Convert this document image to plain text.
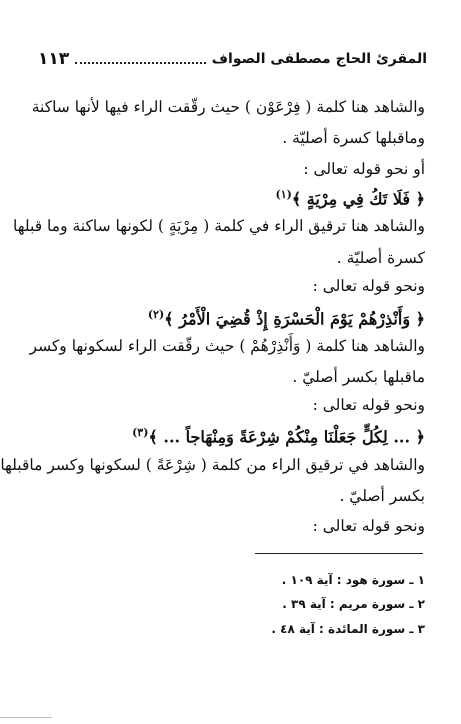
المقرئ الحاج مصطفى الصواف
١١٣
والشاهد هنا كلمة ( فِرْعَوْن ) حيث رقّقت الراء فيها لأنها ساكنة
وماقبلها كسرة أصليّة .
أو نحو قوله تعالى :
﴿ فَلَا تَكُ فِي مِرْيَةٍ ﴾$^{(١)}$
والشاهد هنا ترقيق الراء في كلمة ( مِرْيَةٍ ) لكونها ساكنة وما قبلها
كسرة أصليّة .
ونحو قوله تعالى :
﴿ وَأَنْذِرْهُمْ يَوْمَ الْحَسْرَةِ إِذْ قُضِيَ الْأَمْرُ ﴾$^{(٢)}$
والشاهد هنا كلمة ( وَأَنْذِرْهُمْ ) حيث رقّقت الراء لسكونها وكسر
ماقبلها بكسر أصليّ .
ونحو قوله تعالى :
﴿ ... لِكُلٍّ جَعَلْنَا مِنْكُمْ شِرْعَةً وَمِنْهَاجاً ... ﴾$^{(٣)}$
والشاهد في ترقيق الراء من كلمة ( شِرْعَةً ) لسكونها وكسر ماقبلها
بكسر أصليّ .
ونحو قوله تعالى :
١ ـ سورة هود : آية ١٠٩ .
٢ ـ سورة مريم : آية ٣٩ .
٣ ـ سورة المائدة : آية ٤٨ .
